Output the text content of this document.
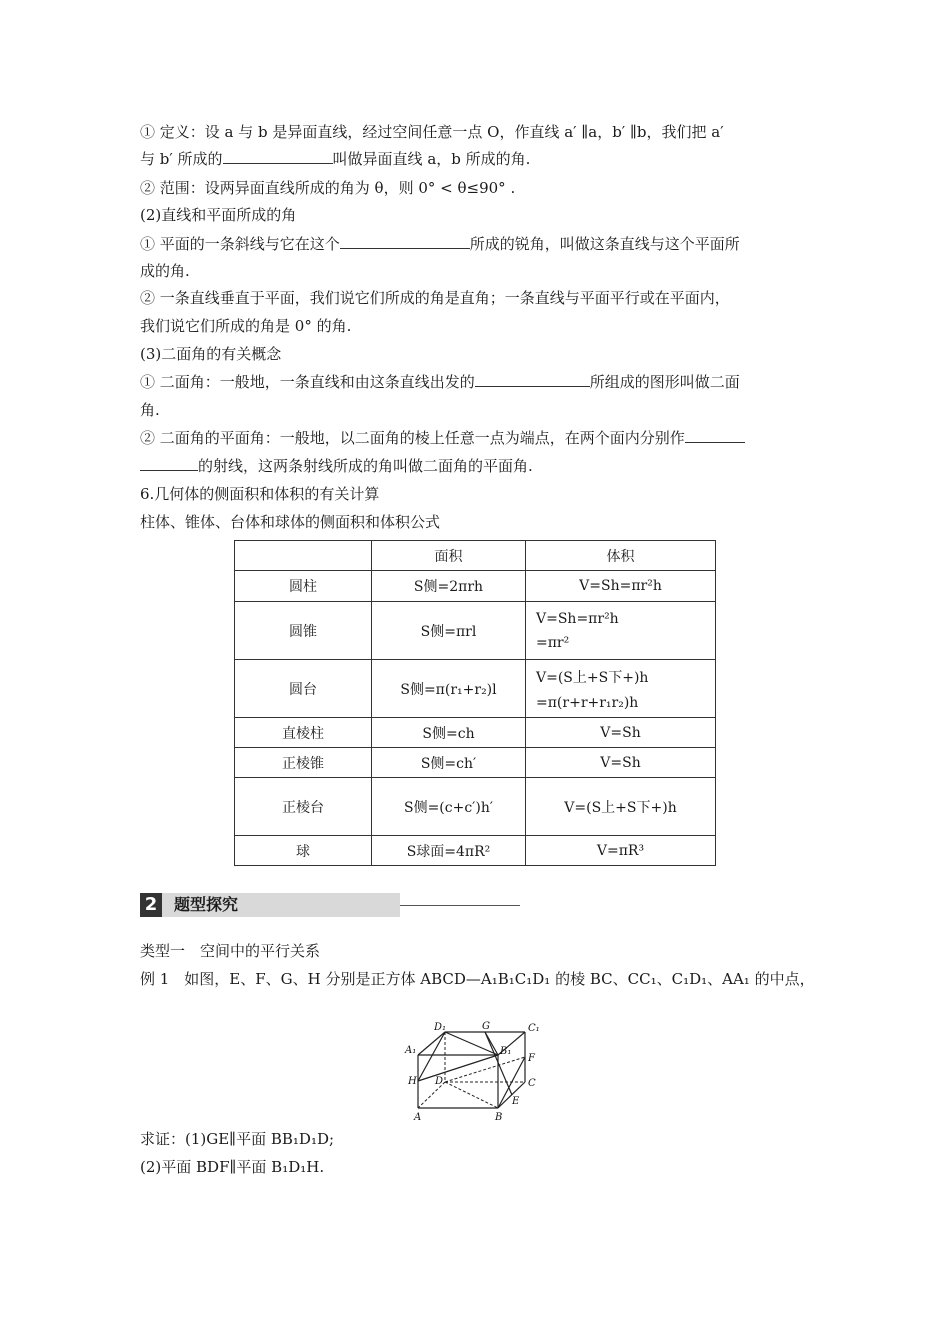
① 定义：设 a 与 b 是异面直线，经过空间任意一点 O，作直线 a′ ∥a，b′ ∥b，我们把 a′
与 b′ 所成的	叫做异面直线 a，b 所成的角.
② 范围：设两异面直线所成的角为 θ，则 0° < θ≤90° .
(2)直线和平面所成的角
① 平面的一条斜线与它在这个	所成的锐角，叫做这条直线与这个平面所
成的角.
② 一条直线垂直于平面，我们说它们所成的角是直角；一条直线与平面平行或在平面内，
我们说它们所成的角是 0° 的角.
(3)二面角的有关概念
① 二面角：一般地，一条直线和由这条直线出发的	所组成的图形叫做二面
角.
② 二面角的平面角：一般地，以二面角的棱上任意一点为端点，在两个面内分别作
的射线，这两条射线所成的角叫做二面角的平面角.
6.几何体的侧面积和体积的有关计算
柱体、锥体、台体和球体的侧面积和体积公式
	面积	体积
圆柱	S侧=2πrh	V=Sh=πr²h
圆锥	S侧=πrl	V=Sh=πr²h
=πr²

圆台	S侧=π(r₁+r₂)l	V=(S上+S下+)h
=π(r+r+r₁r₂)h

直棱柱	S侧=ch	V=Sh
正棱锥	S侧=ch′	V=Sh
正棱台	S侧=(c+c′)h′	V=(S上+S下+)h
球	S球面=4πR²	V=πR³
2	题型探究
类型一　空间中的平行关系
例 1　如图，E、F、G、H 分别是正方体 ABCD—A₁B₁C₁D₁ 的棱 BC、CC₁、C₁D₁、AA₁ 的中点，
D₁	G	C₁
A₁	B₁
F
H D	C
E
A	B
求证：(1)GE∥平面 BB₁D₁D;
(2)平面 BDF∥平面 B₁D₁H.
